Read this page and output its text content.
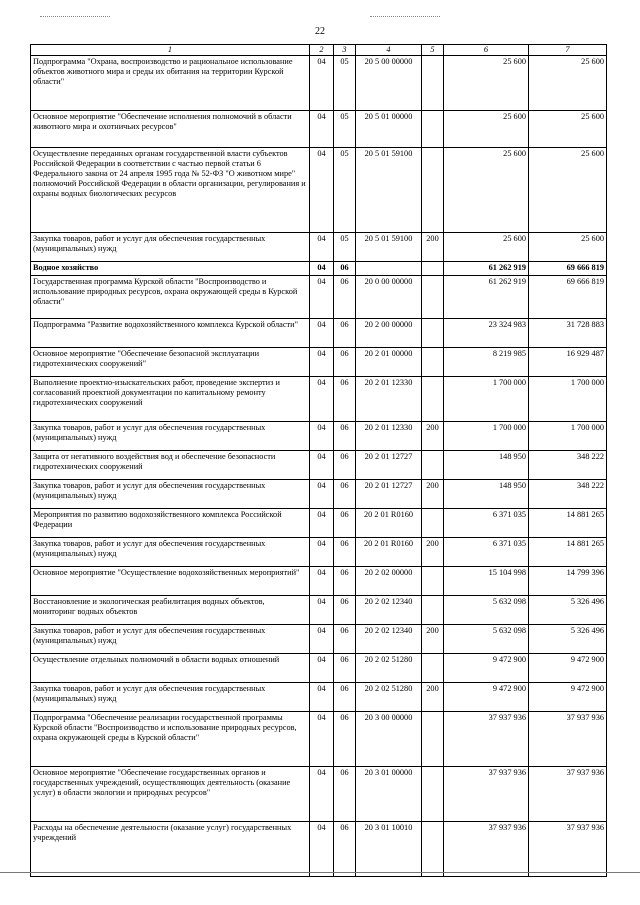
22
1	2	3	4	5	6	7
Подпрограмма "Охрана, воспроизводство и рациональное использование объектов животного мира и среды их обитания на территории Курской области"	04	05	20 5 00 00000		25 600	25 600
Основное мероприятие "Обеспечение исполнения полномочий в области животного мира и охотничьих ресурсов"	04	05	20 5 01 00000		25 600	25 600
Осуществление переданных органам государственной власти субъектов Российской Федерации в соответствии с частью первой статьи 6 Федерального закона от 24 апреля 1995 года № 52-ФЗ "О животном мире" полномочий Российской Федерации в области организации, регулирования и охраны водных биологических ресурсов	04	05	20 5 01 59100		25 600	25 600
Закупка товаров, работ и услуг для обеспечения государственных (муниципальных) нужд	04	05	20 5 01 59100	200	25 600	25 600
Водное хозяйство	04	06			61 262 919	69 666 819
Государственная программа Курской области "Воспроизводство и использование природных ресурсов, охрана окружающей среды в Курской области"	04	06	20 0 00 00000		61 262 919	69 666 819
Подпрограмма "Развитие водохозяйственного комплекса Курской области"	04	06	20 2 00 00000		23 324 983	31 728 883
Основное мероприятие "Обеспечение безопасной эксплуатации гидротехнических сооружений"	04	06	20 2 01 00000		8 219 985	16 929 487
Выполнение проектно-изыскательских работ, проведение экспертиз и согласований проектной документации по капитальному ремонту гидротехнических сооружений	04	06	20 2 01 12330		1 700 000	1 700 000
Закупка товаров, работ и услуг для обеспечения государственных (муниципальных) нужд	04	06	20 2 01 12330	200	1 700 000	1 700 000
Защита от негативного воздействия вод и обеспечение безопасности гидротехнических сооружений	04	06	20 2 01 12727		148 950	348 222
Закупка товаров, работ и услуг для обеспечения государственных (муниципальных) нужд	04	06	20 2 01 12727	200	148 950	348 222
Мероприятия по развитию водохозяйственного комплекса Российской Федерации	04	06	20 2 01 R0160		6 371 035	14 881 265
Закупка товаров, работ и услуг для обеспечения государственных (муниципальных) нужд	04	06	20 2 01 R0160	200	6 371 035	14 881 265
Основное мероприятие "Осуществление водохозяйственных мероприятий"	04	06	20 2 02 00000		15 104 998	14 799 396
Восстановление и экологическая реабилитация водных объектов, мониторинг водных объектов	04	06	20 2 02 12340		5 632 098	5 326 496
Закупка товаров, работ и услуг для обеспечения государственных (муниципальных) нужд	04	06	20 2 02 12340	200	5 632 098	5 326 496
Осуществление отдельных полномочий в области водных отношений	04	06	20 2 02 51280		9 472 900	9 472 900
Закупка товаров, работ и услуг для обеспечения государственных (муниципальных) нужд	04	06	20 2 02 51280	200	9 472 900	9 472 900
Подпрограмма "Обеспечение реализации государственной программы Курской области "Воспроизводство и использование природных ресурсов, охрана окружающей среды в Курской области"	04	06	20 3 00 00000		37 937 936	37 937 936
Основное мероприятие "Обеспечение государственных органов и государственных учреждений, осуществляющих деятельность (оказание услуг) в области экологии и природных ресурсов"	04	06	20 3 01 00000		37 937 936	37 937 936
Расходы на обеспечение деятельности (оказание услуг) государственных учреждений	04	06	20 3 01 10010		37 937 936	37 937 936
